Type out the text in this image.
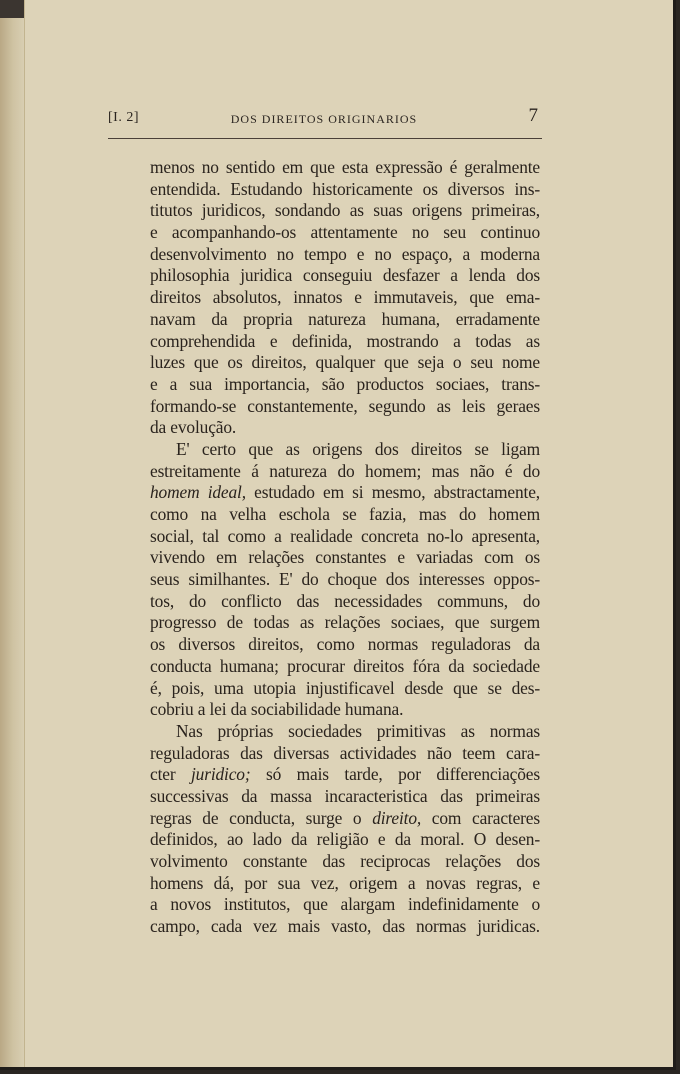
[I. 2]	DOS DIREITOS ORIGINARIOS	7
menos no sentido em que esta expressão é geralmente
entendida. Estudando historicamente os diversos ins-
titutos juridicos, sondando as suas origens primeiras,
e acompanhando-os attentamente no seu continuo
desenvolvimento no tempo e no espaço, a moderna
philosophia juridica conseguiu desfazer a lenda dos
direitos absolutos, innatos e immutaveis, que ema-
navam da propria natureza humana, erradamente
comprehendida e definida, mostrando a todas as
luzes que os direitos, qualquer que seja o seu nome
e a sua importancia, são productos sociaes, trans-
formando-se constantemente, segundo as leis geraes
da evolução.
E' certo que as origens dos direitos se ligam
estreitamente á natureza do homem; mas não é do
homem ideal, estudado em si mesmo, abstractamente,
como na velha eschola se fazia, mas do homem
social, tal como a realidade concreta no-lo apresenta,
vivendo em relações constantes e variadas com os
seus similhantes. E' do choque dos interesses oppos-
tos, do conflicto das necessidades communs, do
progresso de todas as relações sociaes, que surgem
os diversos direitos, como normas reguladoras da
conducta humana; procurar direitos fóra da sociedade
é, pois, uma utopia injustificavel desde que se des-
cobriu a lei da sociabilidade humana.
Nas próprias sociedades primitivas as normas
reguladoras das diversas actividades não teem cara-
cter juridico; só mais tarde, por differenciações
successivas da massa incaracteristica das primeiras
regras de conducta, surge o direito, com caracteres
definidos, ao lado da religião e da moral. O desen-
volvimento constante das reciprocas relações dos
homens dá, por sua vez, origem a novas regras, e
a novos institutos, que alargam indefinidamente o
campo, cada vez mais vasto, das normas juridicas.
